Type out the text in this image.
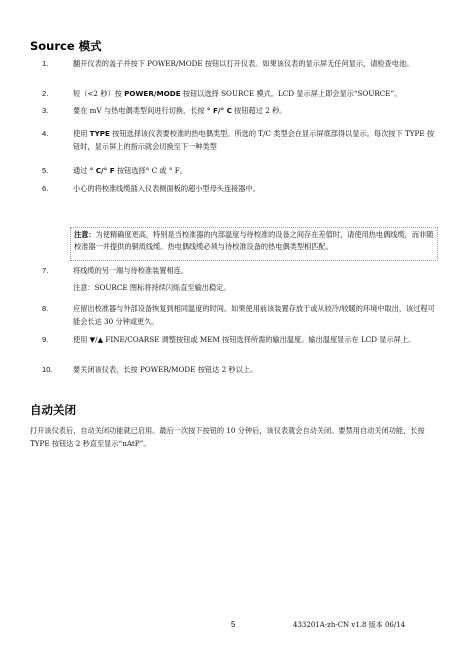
Source 模式
1.	翻开仪表的盖子并按下 POWER/MODE 按钮以打开仪表。如果该仪表的显示屏无任何显示，请检查电池。
2.	短（<2 秒）按 POWER/MODE 按钮以选择 SOURCE 模式。LCD 显示屏上即会显示“SOURCE”。
3.	要在 mV 与热电偶类型间进行切换，长按 ° F/° C 按钮超过 2 秒。
4.	使用 TYPE 按钮选择该仪表要校准的热电偶类型。所选的 T/C 类型会在显示屏底部得以显示。每次按下 TYPE 按钮时，显示屏上的指示就会切换至下一种类型
5.	通过 ° C/° F 按钮选择° C 或 ° F。
6.	小心的将校准线缆插入仪表侧面板的超小型母头连接器中。
注意：为使精确度更高，特别是当校准器的内部温度与待校准的设备之间存在差值时，请使用热电偶线缆，而非随校准器一并提供的铜质线缆。热电偶线缆必须与待校准设备的热电偶类型相匹配。
7.	将线缆的另一端与待校准装置相连。
注意：SOURCE 图标将持续闪烁直至输出稳定。
8.	应留出校准器与外部设备恢复到相同温度的时间。如果使用前该装置存放于或从较冷/较暖的环境中取出，该过程可能会长达 30 分钟或更久。
9.	使用 ▼/▲ FINE/COARSE 调整按钮或 MEM 按钮选择所需的输出温度。输出温度显示在 LCD 显示屏上。
10.	要关闭该仪表，长按 POWER/MODE 按钮达 2 秒以上。
自动关闭
打开该仪表后，自动关闭功能就已启用。最后一次按下按钮的 10 分钟后，该仪表就会自动关闭。要禁用自动关闭功能，长按 TYPE 按钮达 2 秒直至显示“nAtP”。
5	433201A-zh-CN v1.8 版本 06/14
